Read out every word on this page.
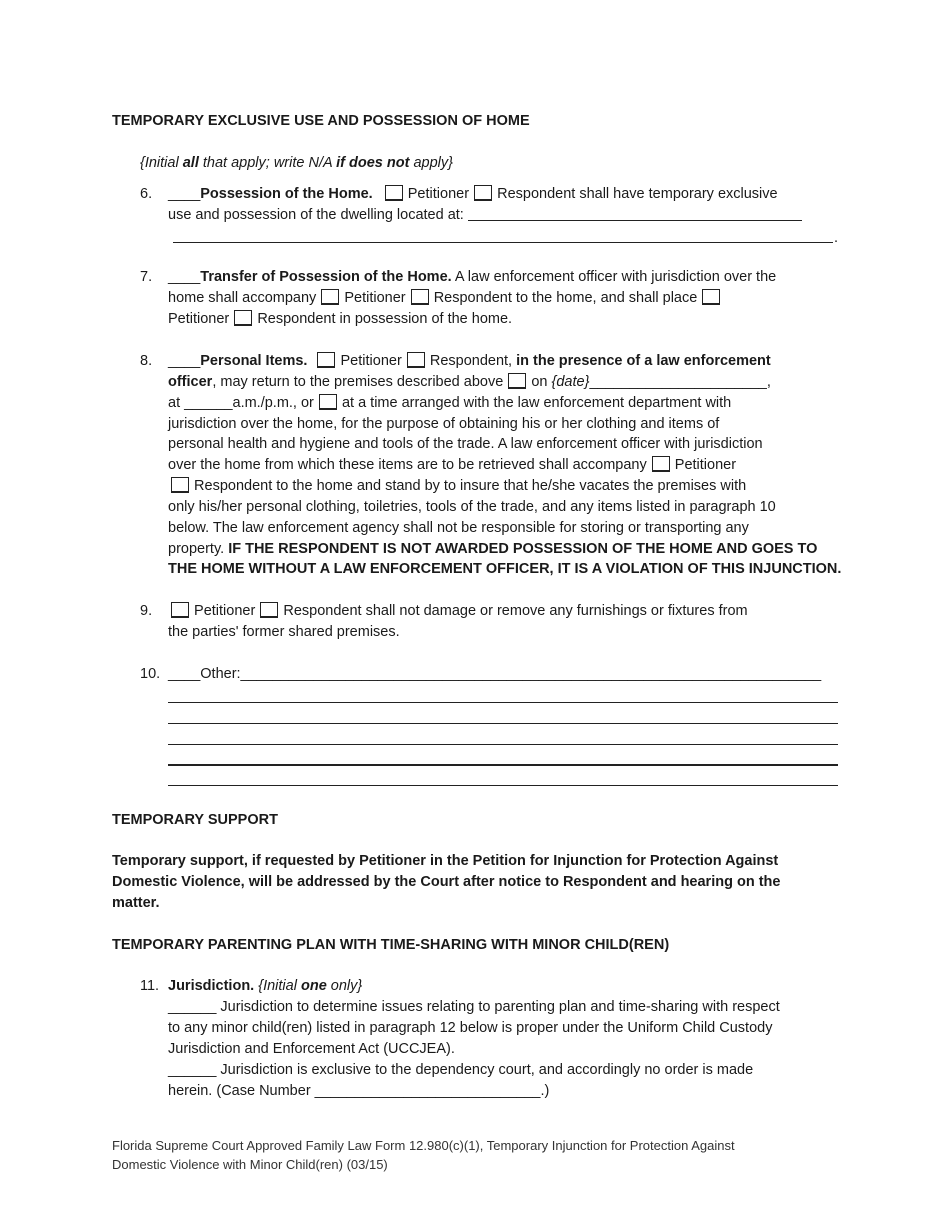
TEMPORARY EXCLUSIVE USE AND POSSESSION OF HOME
{Initial all that apply; write N/A if does not apply}
6. ____Possession of the Home. Petitioner Respondent shall have temporary exclusive
use and possession of the dwelling located at:
.
7. ____Transfer of Possession of the Home. A law enforcement officer with jurisdiction over the
home shall accompany Petitioner Respondent to the home, and shall place
Petitioner Respondent in possession of the home.
8. ____Personal Items. Petitioner Respondent, in the presence of a law enforcement
officer, may return to the premises described above on {date}______________________,
at ______a.m./p.m., or at a time arranged with the law enforcement department with
jurisdiction over the home, for the purpose of obtaining his or her clothing and items of
personal health and hygiene and tools of the trade. A law enforcement officer with jurisdiction
over the home from which these items are to be retrieved shall accompany Petitioner
Respondent to the home and stand by to insure that he/she vacates the premises with
only his/her personal clothing, toiletries, tools of the trade, and any items listed in paragraph 10
below. The law enforcement agency shall not be responsible for storing or transporting any
property. IF THE RESPONDENT IS NOT AWARDED POSSESSION OF THE HOME AND GOES TO
THE HOME WITHOUT A LAW ENFORCEMENT OFFICER, IT IS A VIOLATION OF THIS INJUNCTION.
9.	Petitioner Respondent shall not damage or remove any furnishings or fixtures from
the parties' former shared premises.
10. ____Other:________________________________________________________________________
TEMPORARY SUPPORT
Temporary support, if requested by Petitioner in the Petition for Injunction for Protection Against
Domestic Violence, will be addressed by the Court after notice to Respondent and hearing on the
matter.
TEMPORARY PARENTING PLAN WITH TIME-SHARING WITH MINOR CHILD(REN)
11. Jurisdiction. {Initial one only}
______ Jurisdiction to determine issues relating to parenting plan and time-sharing with respect
to any minor child(ren) listed in paragraph 12 below is proper under the Uniform Child Custody
Jurisdiction and Enforcement Act (UCCJEA).
______ Jurisdiction is exclusive to the dependency court, and accordingly no order is made
herein. (Case Number ____________________________.)
Florida Supreme Court Approved Family Law Form 12.980(c)(1), Temporary Injunction for Protection Against
Domestic Violence with Minor Child(ren) (03/15)
